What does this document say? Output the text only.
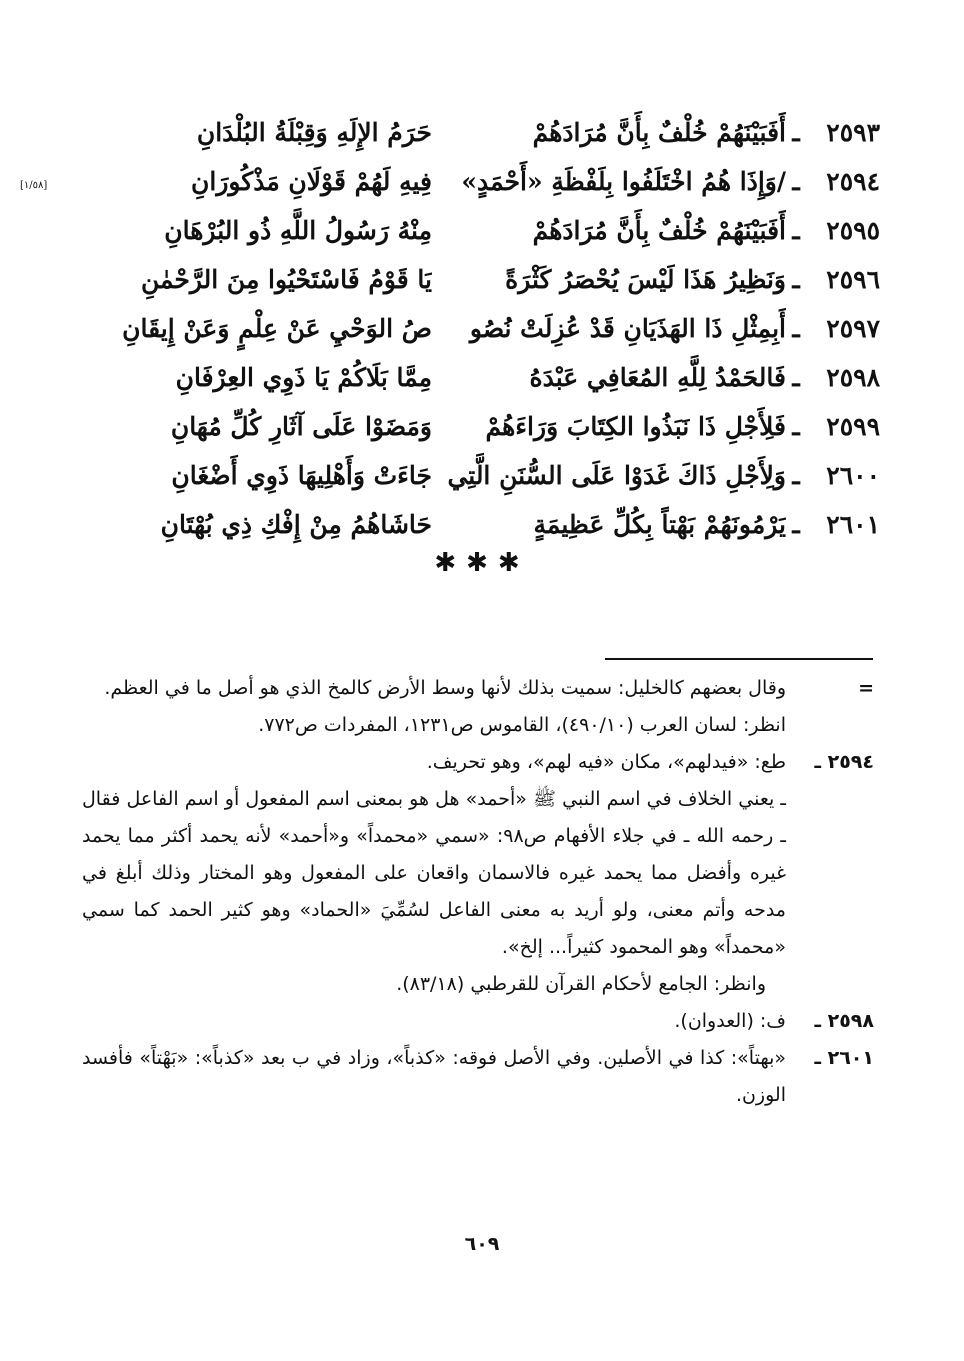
٢٥٩٣
ـ
أَفَبَيْنَهُمْ خُلْفٌ بِأَنَّ مُرَادَهُمْ
حَرَمُ الإِلَهِ وَقِبْلَةُ البُلْدَانِ
٢٥٩٤
ـ
/وَإِذَا هُمُ اخْتَلَفُوا بِلَفْظَةِ «أَحْمَدٍ»
فِيهِ لَهُمْ قَوْلَانِ مَذْكُورَانِ
[١/٥٨]
٢٥٩٥
ـ
أَفَبَيْنَهُمْ خُلْفٌ بِأَنَّ مُرَادَهُمْ
مِنْهُ رَسُولُ اللَّهِ ذُو البُرْهَانِ
٢٥٩٦
ـ
وَنَظِيرُ هَذَا لَيْسَ يُحْصَرُ كَثْرَةً
يَا قَوْمُ فَاسْتَحْيُوا مِنَ الرَّحْمٰنِ
٢٥٩٧
ـ
أَبِمِثْلِ ذَا الهَذَيَانِ قَدْ عُزِلَتْ نُصُو
صُ الوَحْيِ عَنْ عِلْمٍ وَعَنْ إِيقَانِ
٢٥٩٨
ـ
فَالحَمْدُ لِلَّهِ المُعَافِي عَبْدَهُ
مِمَّا بَلَاكُمْ يَا ذَوِي العِرْفَانِ
٢٥٩٩
ـ
فَلِأَجْلِ ذَا نَبَذُوا الكِتَابَ وَرَاءَهُمْ
وَمَضَوْا عَلَى آثَارِ كُلِّ مُهَانِ
٢٦٠٠
ـ
وَلِأَجْلِ ذَاكَ غَدَوْا عَلَى السُّنَنِ الَّتِي
جَاءَتْ وَأَهْلِيهَا ذَوِي أَضْغَانِ
٢٦٠١
ـ
يَرْمُونَهُمْ بَهْتاً بِكُلِّ عَظِيمَةٍ
حَاشَاهُمُ مِنْ إِفْكِ ذِي بُهْتَانِ
✱✱✱
=

وقال بعضهم كالخليل: سميت بذلك لأنها وسط الأرض كالمخ الذي هو أصل ما في العظم.

انظر: لسان العرب (٤٩٠/١٠)، القاموس ص١٢٣١، المفردات ص٧٧٢.

٢٥٩٤ ـ

طع: «فيدلهم»، مكان «فيه لهم»، وهو تحريف.

ـ يعني الخلاف في اسم النبي ﷺ «أحمد» هل هو بمعنى اسم المفعول أو اسم الفاعل فقال ـ رحمه الله ـ في جلاء الأفهام ص٩٨: «سمي «محمداً» و«أحمد» لأنه يحمد أكثر مما يحمد غيره وأفضل مما يحمد غيره فالاسمان واقعان على المفعول وهو المختار وذلك أبلغ في مدحه وأتم معنى، ولو أريد به معنى الفاعل لسُمِّيَ «الحماد» وهو كثير الحمد كما سمي «محمداً» وهو المحمود كثيراً... إلخ».

وانظر: الجامع لأحكام القرآن للقرطبي (٨٣/١٨).

٢٥٩٨ ـ

ف: (العدوان).

٢٦٠١ ـ

«بهتاً»: كذا في الأصلين. وفي الأصل فوقه: «كذباً»، وزاد في ب بعد «كذباً»: «بَهْتاً» فأفسد الوزن.

٦٠٩
